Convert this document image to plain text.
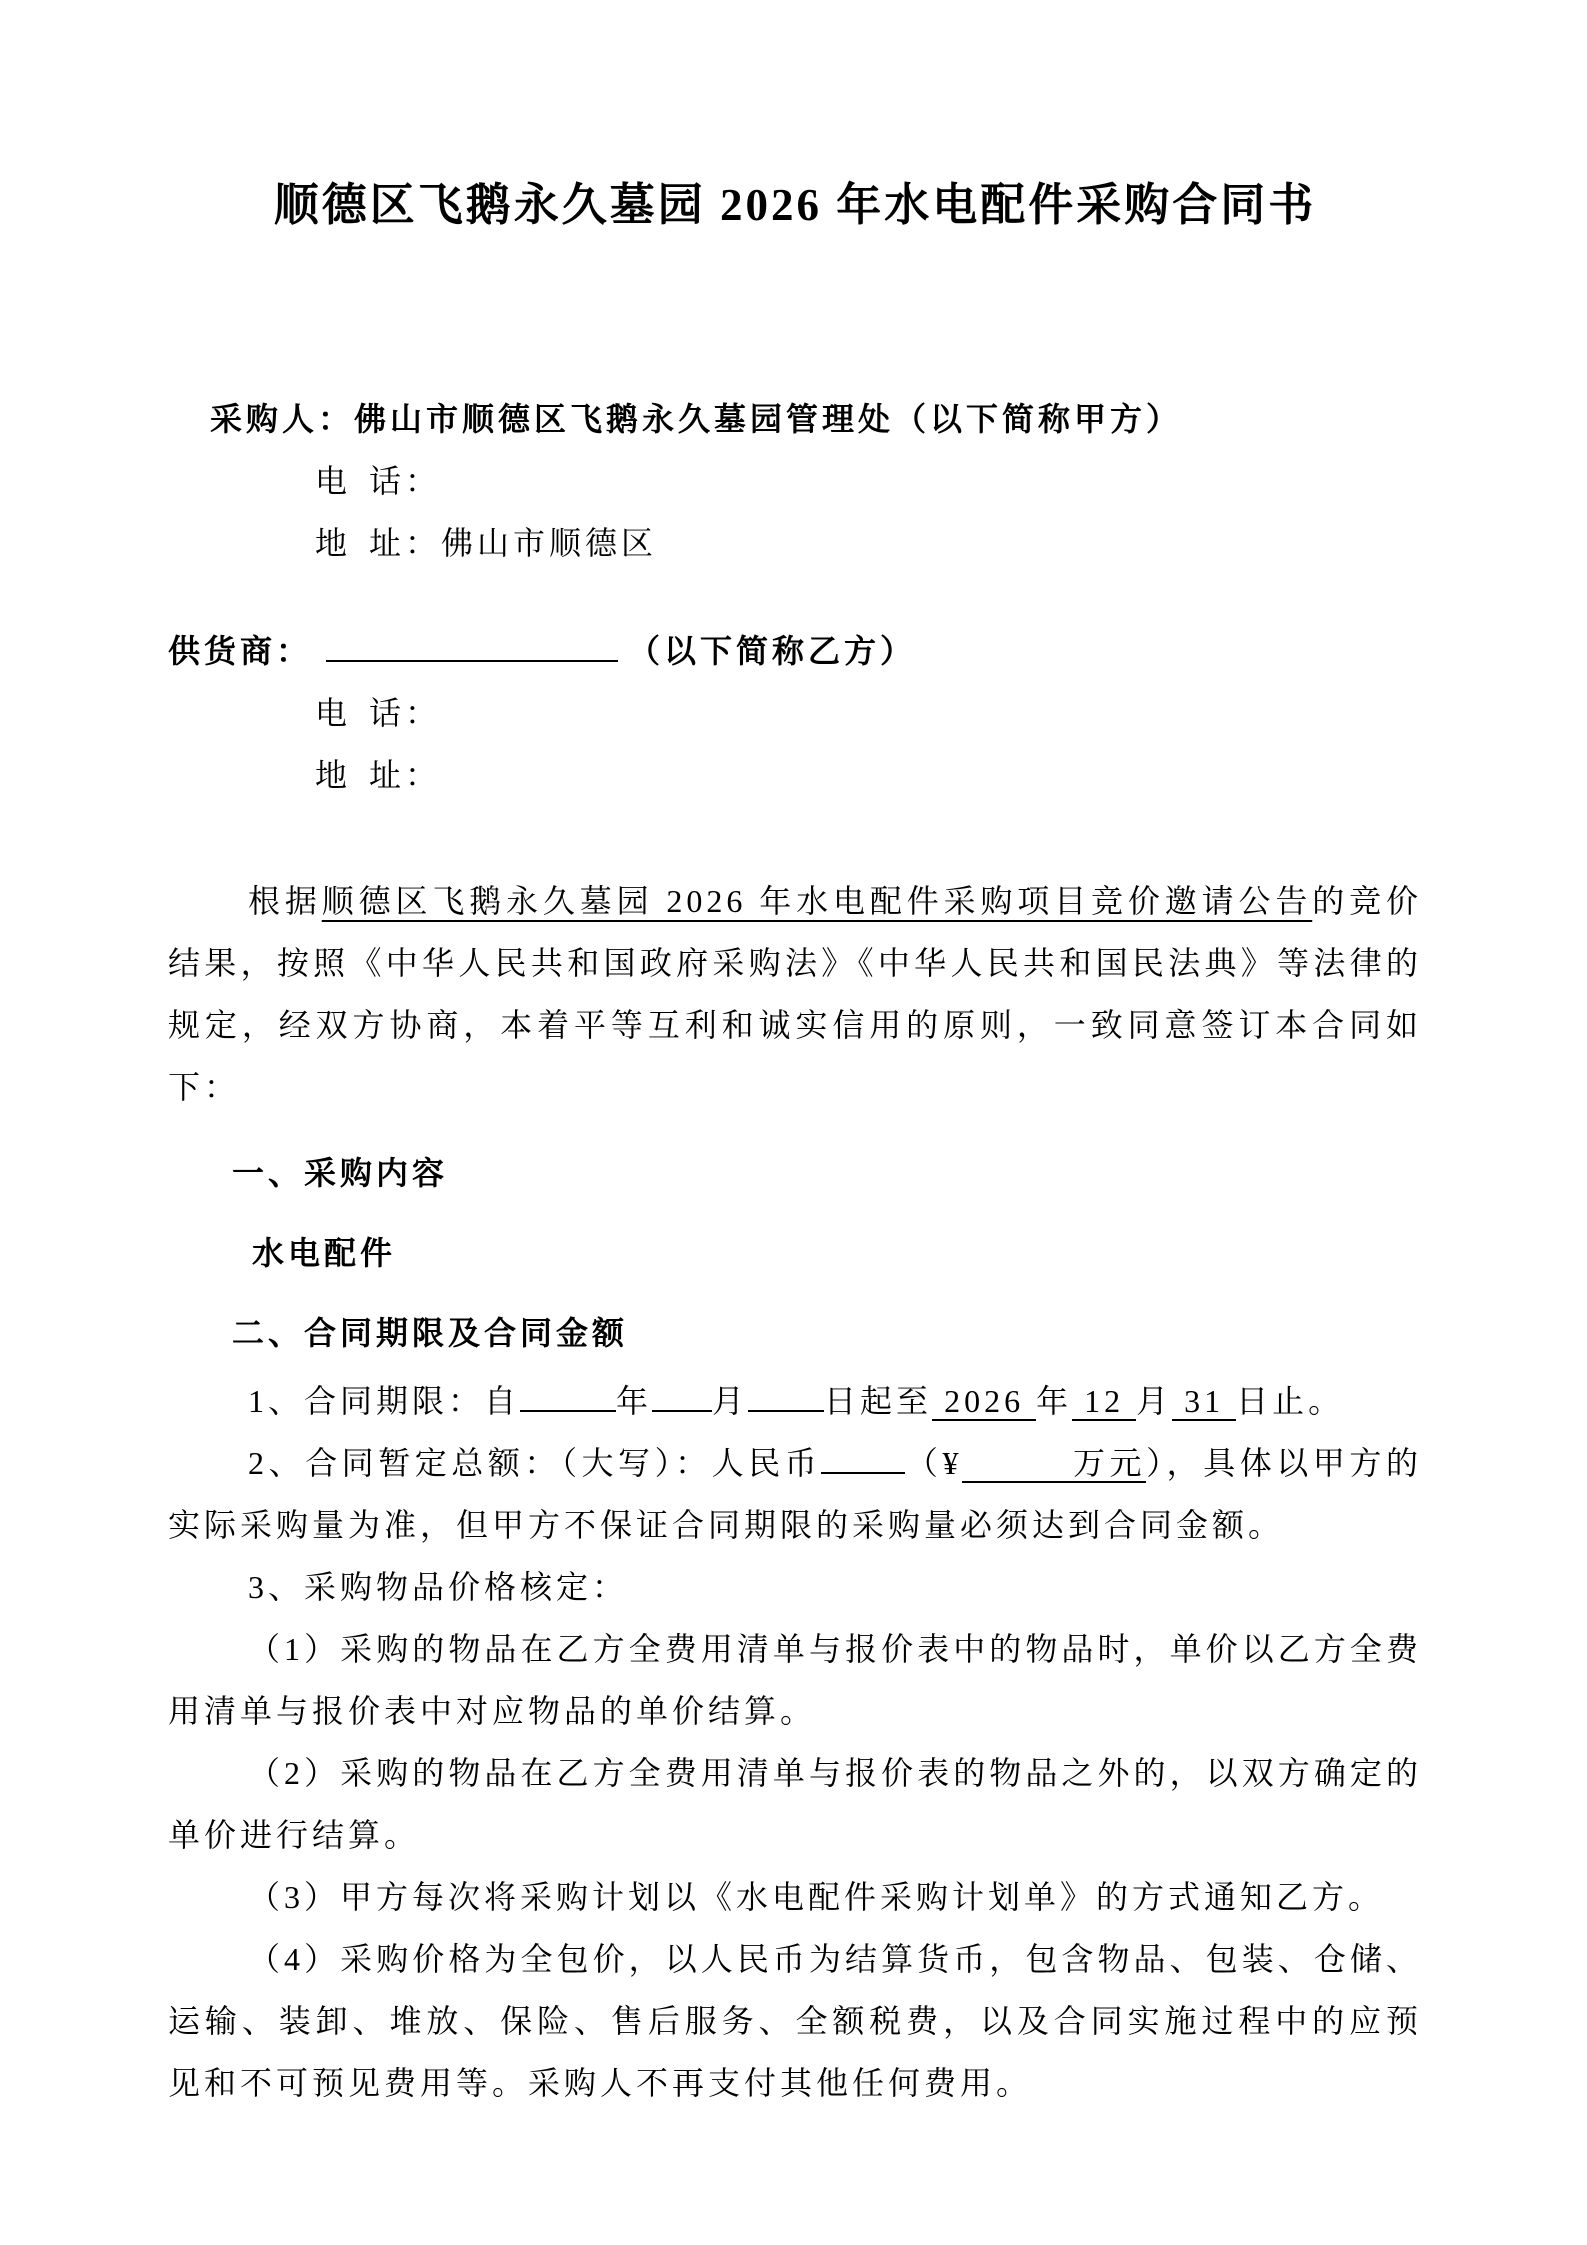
顺德区飞鹅永久墓园 2026 年水电配件采购合同书

采购人：佛山市顺德区飞鹅永久墓园管理处（以下简称甲方）

电 话：

地 址： 佛山市顺德区

供货商：	（以下简称乙方）

电 话：

地 址：

根据顺德区飞鹅永久墓园 2026 年水电配件采购项目竞价邀请公告的竞价结果，按照《中华人民共和国政府采购法》《中华人民共和国民法典》等法律的规定，经双方协商，本着平等互利和诚实信用的原则，一致同意签订本合同如下：

一、采购内容

水电配件

二、合同期限及合同金额

1、合同期限：自	年 月 日起至 2026 年 12 月 31 日止。

2、合同暂定总额：（大写）：人民币	（¥	万元），具体以甲方的实际采购量为准，但甲方不保证合同期限的采购量必须达到合同金额。

3、采购物品价格核定：

（1）采购的物品在乙方全费用清单与报价表中的物品时，单价以乙方全费用清单与报价表中对应物品的单价结算。

（2）采购的物品在乙方全费用清单与报价表的物品之外的，以双方确定的单价进行结算。

（3）甲方每次将采购计划以《水电配件采购计划单》的方式通知乙方。

（4）采购价格为全包价，以人民币为结算货币，包含物品、包装、仓储、运输、装卸、堆放、保险、售后服务、全额税费，以及合同实施过程中的应预见和不可预见费用等。采购人不再支付其他任何费用。
